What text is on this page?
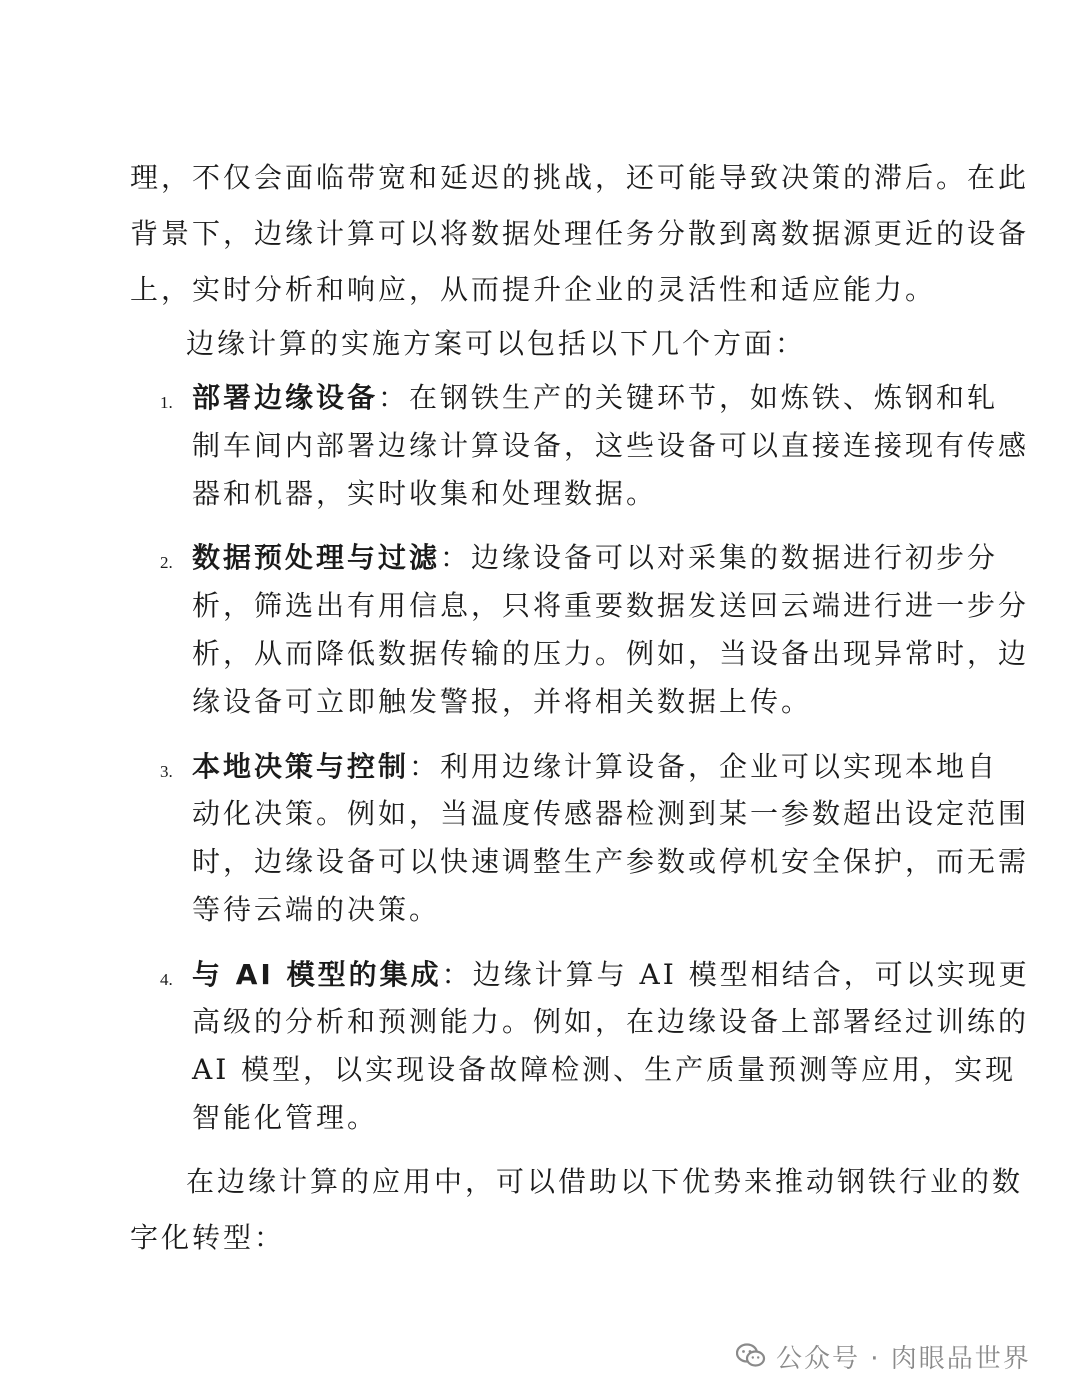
理，不仅会面临带宽和延迟的挑战，还可能导致决策的滞后。在此
背景下，边缘计算可以将数据处理任务分散到离数据源更近的设备
上，实时分析和响应，从而提升企业的灵活性和适应能力。
边缘计算的实施方案可以包括以下几个方面：
1. 部署边缘设备：在钢铁生产的关键环节，如炼铁、炼钢和轧
制车间内部署边缘计算设备，这些设备可以直接连接现有传感
器和机器，实时收集和处理数据。
2. 数据预处理与过滤：边缘设备可以对采集的数据进行初步分
析，筛选出有用信息，只将重要数据发送回云端进行进一步分
析，从而降低数据传输的压力。例如，当设备出现异常时，边
缘设备可立即触发警报，并将相关数据上传。
3. 本地决策与控制：利用边缘计算设备，企业可以实现本地自
动化决策。例如，当温度传感器检测到某一参数超出设定范围
时，边缘设备可以快速调整生产参数或停机安全保护，而无需
等待云端的决策。
4. 与 AI 模型的集成：边缘计算与 AI 模型相结合，可以实现更
高级的分析和预测能力。例如，在边缘设备上部署经过训练的
AI 模型，以实现设备故障检测、生产质量预测等应用，实现
智能化管理。
在边缘计算的应用中，可以借助以下优势来推动钢铁行业的数
字化转型：
公众号 · 肉眼品世界
